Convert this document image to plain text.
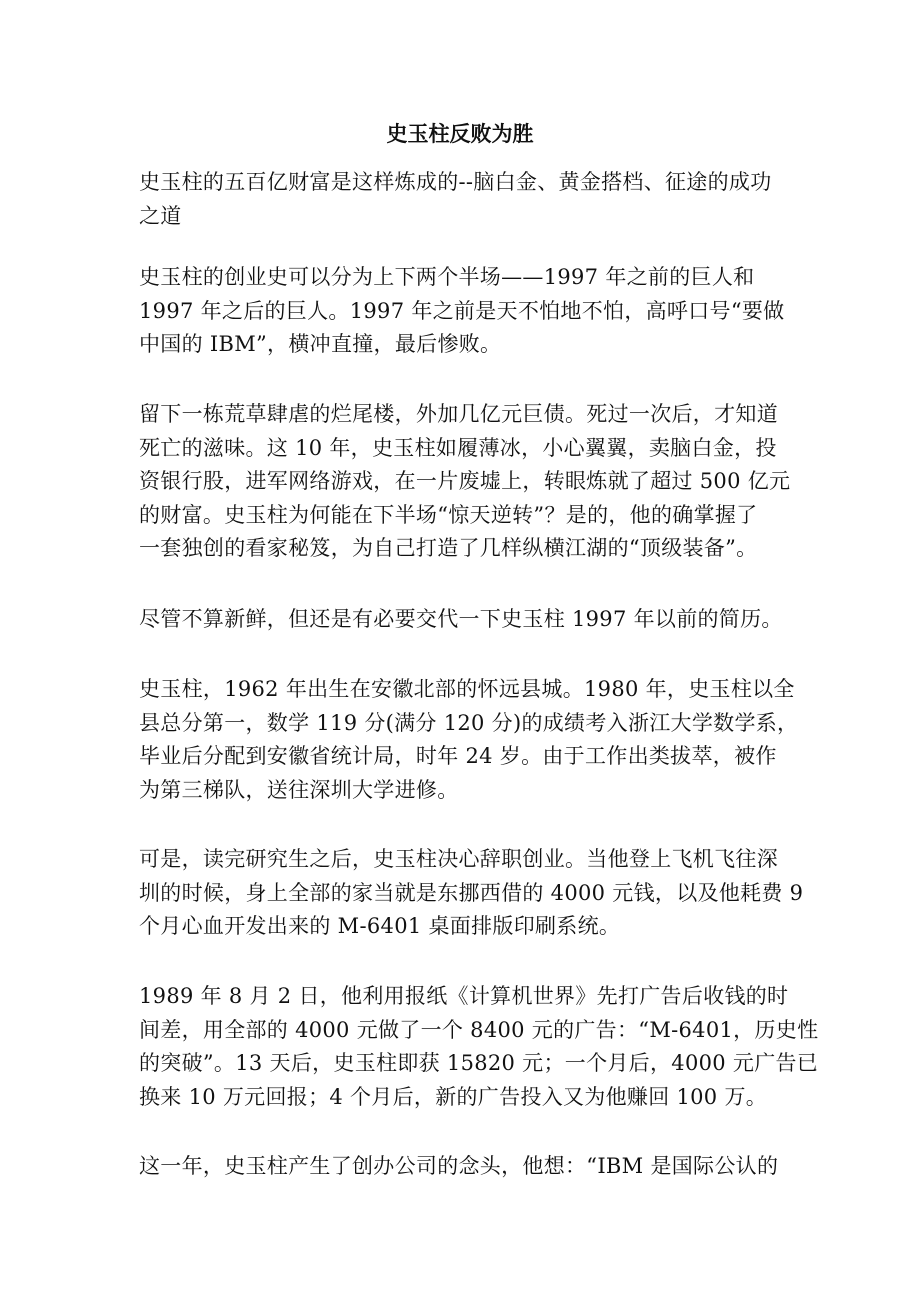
史玉柱反败为胜

史玉柱的五百亿财富是这样炼成的--脑白金、黄金搭档、征途的成功
之道

史玉柱的创业史可以分为上下两个半场——1997 年之前的巨人和
1997 年之后的巨人。1997 年之前是天不怕地不怕，高呼口号“要做
中国的 IBM”，横冲直撞，最后惨败。

留下一栋荒草肆虐的烂尾楼，外加几亿元巨债。死过一次后，才知道
死亡的滋味。这 10 年，史玉柱如履薄冰，小心翼翼，卖脑白金，投
资银行股，进军网络游戏，在一片废墟上，转眼炼就了超过 500 亿元
的财富。史玉柱为何能在下半场“惊天逆转”？是的，他的确掌握了
一套独创的看家秘笈，为自己打造了几样纵横江湖的“顶级装备”。

尽管不算新鲜，但还是有必要交代一下史玉柱 1997 年以前的简历。

史玉柱，1962 年出生在安徽北部的怀远县城。1980 年，史玉柱以全
县总分第一，数学 119 分(满分 120 分)的成绩考入浙江大学数学系，
毕业后分配到安徽省统计局，时年 24 岁。由于工作出类拔萃，被作
为第三梯队，送往深圳大学进修。

可是，读完研究生之后，史玉柱决心辞职创业。当他登上飞机飞往深
圳的时候，身上全部的家当就是东挪西借的 4000 元钱，以及他耗费 9
个月心血开发出来的 M-6401 桌面排版印刷系统。

1989 年 8 月 2 日，他利用报纸《计算机世界》先打广告后收钱的时
间差，用全部的 4000 元做了一个 8400 元的广告：“M-6401，历史性
的突破”。13 天后，史玉柱即获 15820 元；一个月后，4000 元广告已
换来 10 万元回报；4 个月后，新的广告投入又为他赚回 100 万。

这一年，史玉柱产生了创办公司的念头，他想：“IBM 是国际公认的
